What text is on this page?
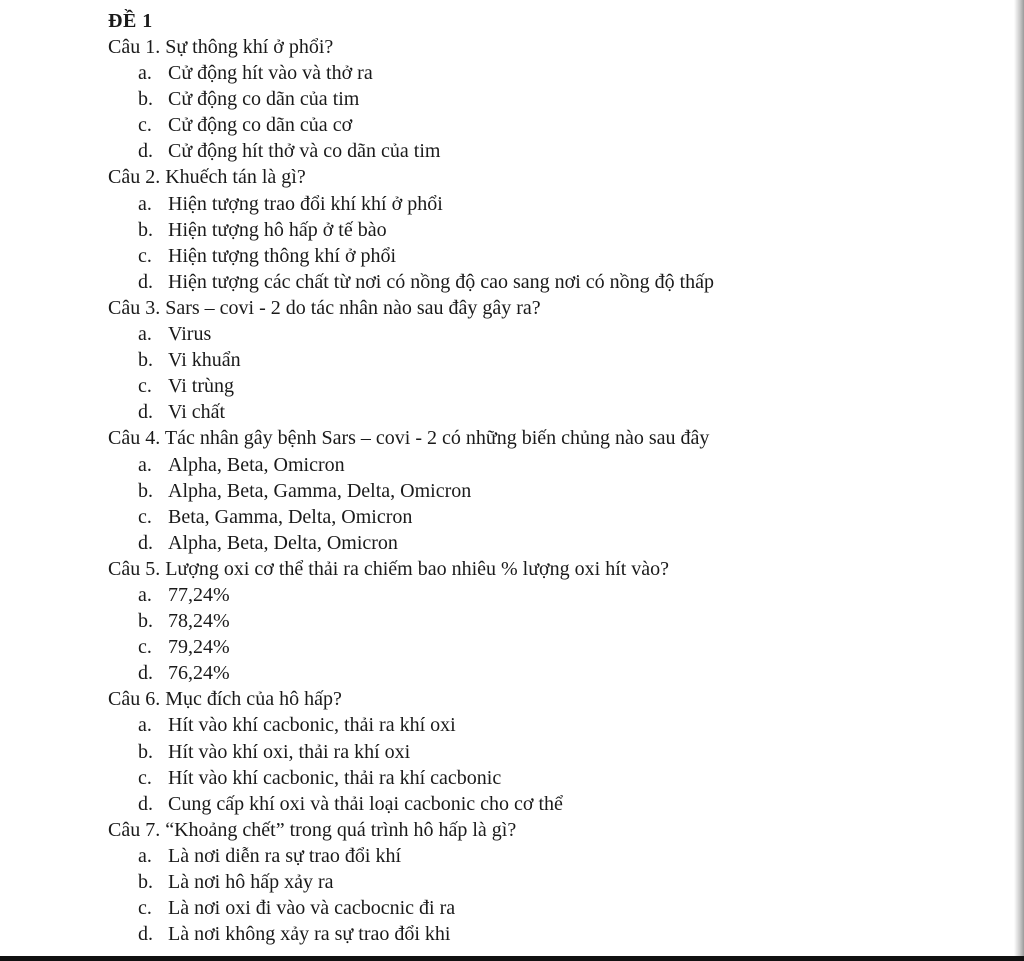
ĐỀ 1
Câu 1. Sự thông khí ở phổi?
a. Cử động hít vào và thở ra
b. Cử động co dãn của tim
c. Cử động co dãn của cơ
d. Cử động hít thở và co dãn của tim
Câu 2. Khuếch tán là gì?
a. Hiện tượng trao đổi khí khí ở phổi
b. Hiện tượng hô hấp ở tế bào
c. Hiện tượng thông khí ở phổi
d. Hiện tượng các chất từ nơi có nồng độ cao sang nơi có nồng độ thấp
Câu 3. Sars – covi - 2 do tác nhân nào sau đây gây ra?
a. Virus
b. Vi khuẩn
c. Vi trùng
d. Vi chất
Câu 4. Tác nhân gây bệnh Sars – covi - 2 có những biến chủng nào sau đây
a. Alpha, Beta, Omicron
b. Alpha, Beta, Gamma, Delta, Omicron
c. Beta, Gamma, Delta, Omicron
d. Alpha, Beta, Delta, Omicron
Câu 5. Lượng oxi cơ thể thải ra chiếm bao nhiêu % lượng oxi hít vào?
a. 77,24%
b. 78,24%
c. 79,24%
d. 76,24%
Câu 6. Mục đích của hô hấp?
a. Hít vào khí cacbonic, thải ra khí oxi
b. Hít vào khí oxi, thải ra khí oxi
c. Hít vào khí cacbonic, thải ra khí cacbonic
d. Cung cấp khí oxi và thải loại cacbonic cho cơ thể
Câu 7. “Khoảng chết” trong quá trình hô hấp là gì?
a. Là nơi diễn ra sự trao đổi khí
b. Là nơi hô hấp xảy ra
c. Là nơi oxi đi vào và cacbocnic đi ra
d. Là nơi không xảy ra sự trao đổi khi
